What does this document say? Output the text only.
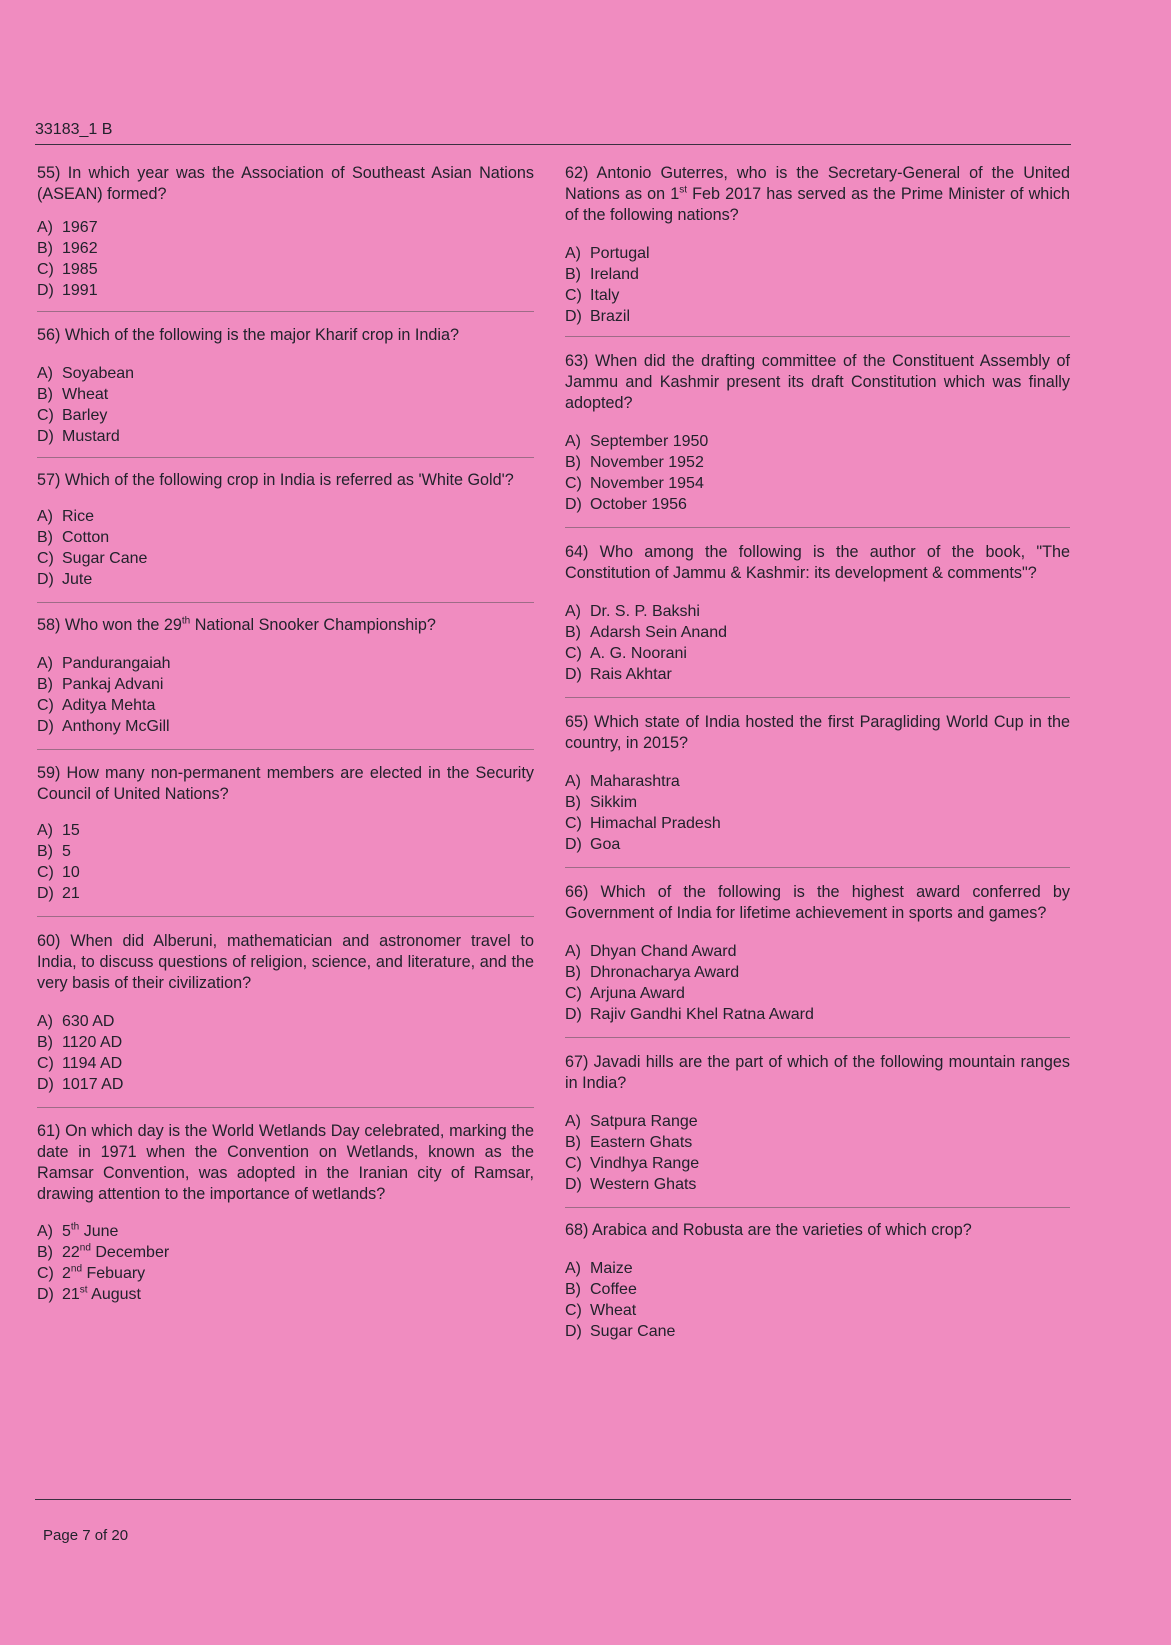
33183_1 B

55) In which year was the Association of Southeast Asian Nations (ASEAN) formed?

A) 1967
B) 1962
C) 1985
D) 1991

56) Which of the following is the major Kharif crop in India?

A) Soyabean
B) Wheat
C) Barley
D) Mustard

57) Which of the following crop in India is referred as 'White Gold'?

A) Rice
B) Cotton
C) Sugar Cane
D) Jute

58) Who won the 29th National Snooker Championship?

A) Pandurangaiah
B) Pankaj Advani
C) Aditya Mehta
D) Anthony McGill

59) How many non-permanent members are elected in the Security Council of United Nations?

A) 15
B) 5
C) 10
D) 21

60) When did Alberuni, mathematician and astronomer travel to India, to discuss questions of religion, science, and literature, and the very basis of their civilization?

A) 630 AD
B) 1120 AD
C) 1194 AD
D) 1017 AD

61) On which day is the World Wetlands Day celebrated, marking the date in 1971 when the Convention on Wetlands, known as the Ramsar Convention, was adopted in the Iranian city of Ramsar, drawing attention to the importance of wetlands?

A) 5th June
B) 22nd December
C) 2nd Febuary
D) 21st August

62) Antonio Guterres, who is the Secretary-General of the United Nations as on 1st Feb 2017 has served as the Prime Minister of which of the following nations?

A) Portugal
B) Ireland
C) Italy
D) Brazil

63) When did the drafting committee of the Constituent Assembly of Jammu and Kashmir present its draft Constitution which was finally adopted?

A) September 1950
B) November 1952
C) November 1954
D) October 1956

64) Who among the following is the author of the book, "The Constitution of Jammu & Kashmir: its development & comments"?

A) Dr. S. P. Bakshi
B) Adarsh Sein Anand
C) A. G. Noorani
D) Rais Akhtar

65) Which state of India hosted the first Paragliding World Cup in the country, in 2015?

A) Maharashtra
B) Sikkim
C) Himachal Pradesh
D) Goa

66) Which of the following is the highest award conferred by Government of India for lifetime achievement in sports and games?

A) Dhyan Chand Award
B) Dhronacharya Award
C) Arjuna Award
D) Rajiv Gandhi Khel Ratna Award

67) Javadi hills are the part of which of the following mountain ranges in India?

A) Satpura Range
B) Eastern Ghats
C) Vindhya Range
D) Western Ghats

68) Arabica and Robusta are the varieties of which crop?

A) Maize
B) Coffee
C) Wheat
D) Sugar Cane
Page 7 of 20
